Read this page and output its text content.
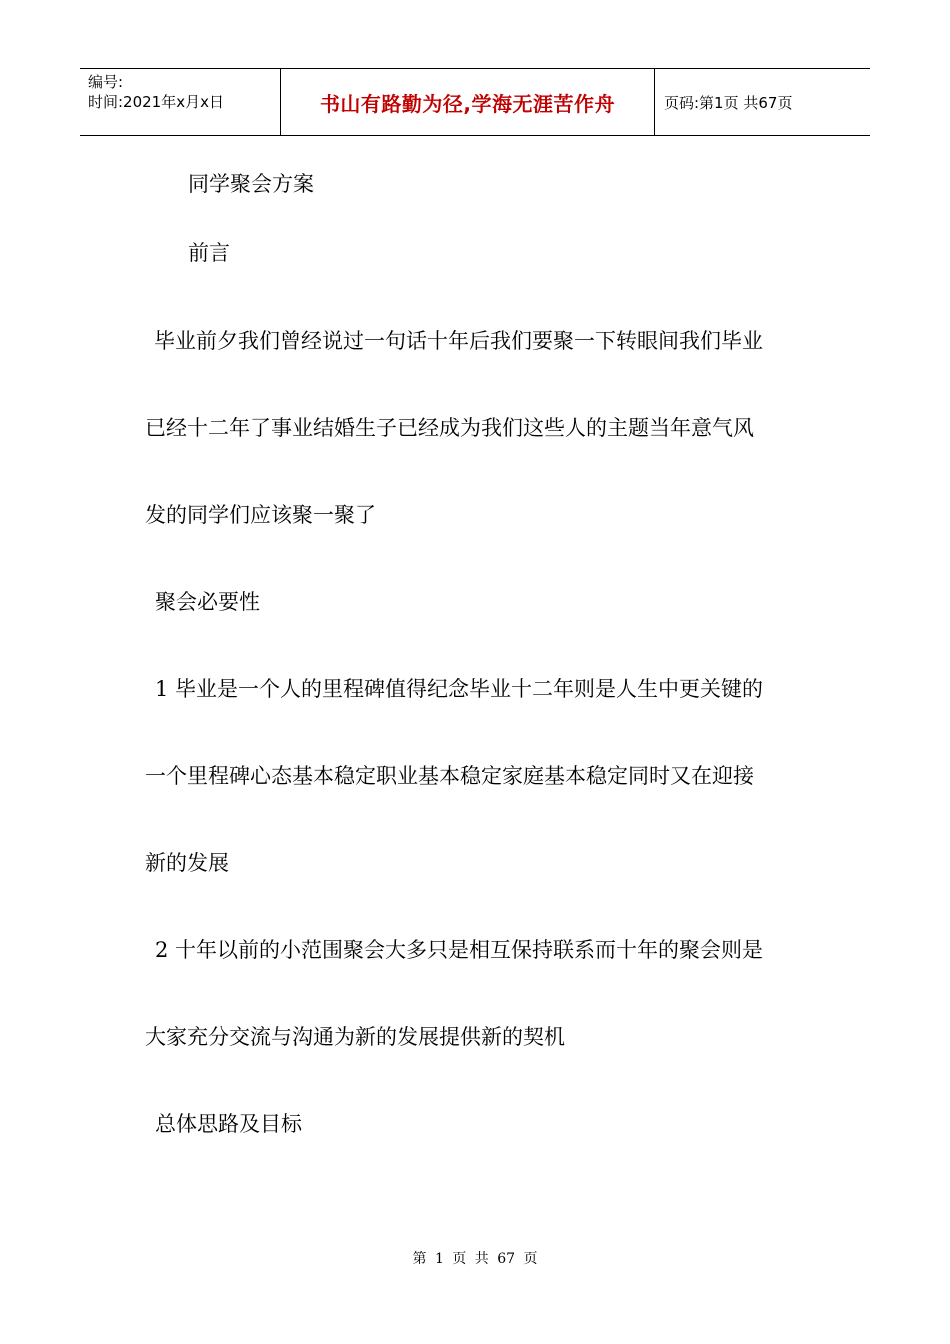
编号:
时间:2021年x月x日	书山有路勤为径,学海无涯苦作舟	页码:第1页 共67页
同学聚会方案
前言
毕业前夕我们曾经说过一句话十年后我们要聚一下转眼间我们毕业
已经十二年了事业结婚生子已经成为我们这些人的主题当年意气风
发的同学们应该聚一聚了
聚会必要性
1 毕业是一个人的里程碑值得纪念毕业十二年则是人生中更关键的
一个里程碑心态基本稳定职业基本稳定家庭基本稳定同时又在迎接
新的发展
2 十年以前的小范围聚会大多只是相互保持联系而十年的聚会则是
大家充分交流与沟通为新的发展提供新的契机
总体思路及目标
第 1 页 共 67 页
